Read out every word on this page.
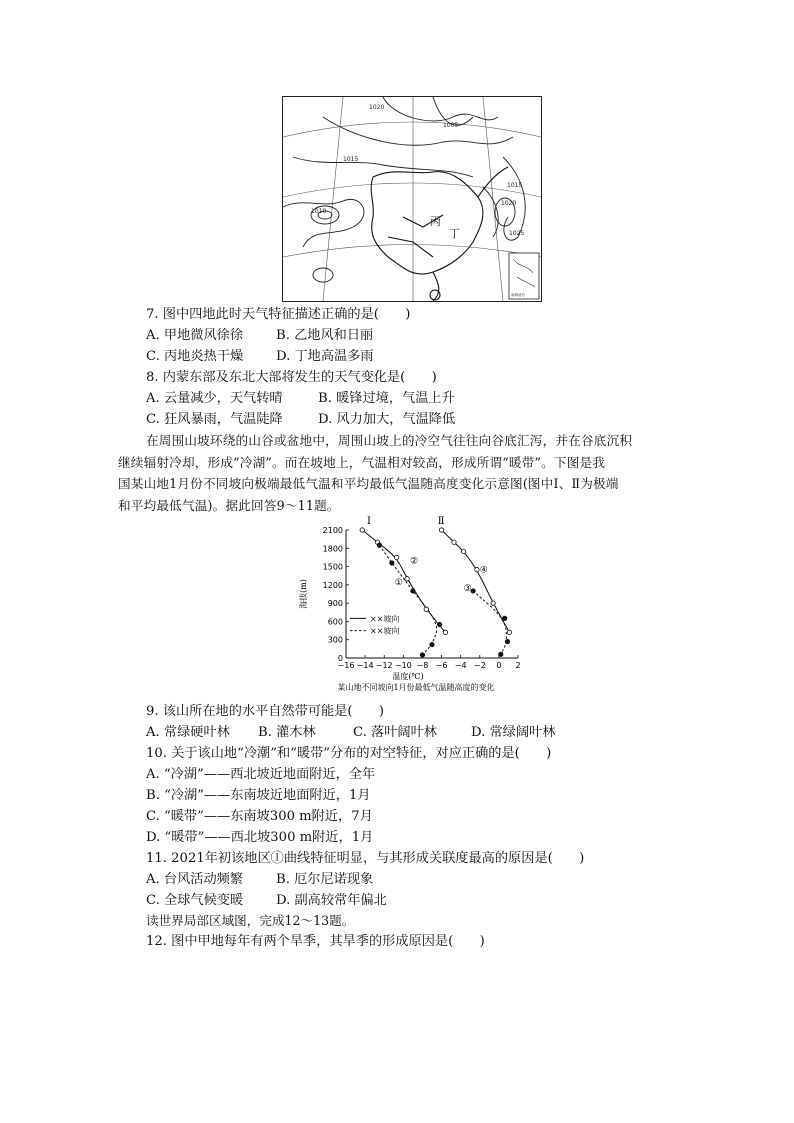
1020
1015
1010
1005
1015
1020
1025
丙
丁
南海诸岛
7. 图中四地此时天气特征描述正确的是(　　)
A. 甲地微风徐徐 B. 乙地风和日丽
C. 丙地炎热干燥 D. 丁地高温多雨
8. 内蒙东部及东北大部将发生的天气变化是(　　)
A. 云量减少，天气转晴	B. 暖锋过境，气温上升
C. 狂风暴雨，气温陡降	D. 风力加大，气温降低
在周围山坡环绕的山谷或盆地中，周围山坡上的冷空气往往向谷底汇泻，并在谷底沉积
继续辐射冷却，形成“冷湖”。而在坡地上，气温相对较高，形成所谓“暖带”。下图是我
国某山地1月份不同坡向极端最低气温和平均最低气温随高度变化示意图(图中Ⅰ、Ⅱ为极端
和平均最低气温)。据此回答9～11题。
−16 −14 −12 −10 −8 −6 −4 −2 0 2
0
300
600
900
1200
1500
1800
2100
海拔(m)
温度(℃)
某山地不同坡向1月份最低气温随高度的变化
Ⅰ	Ⅱ
①
②
③
④
××坡向
××坡向
9. 该山所在地的水平自然带可能是(　　)
A. 常绿硬叶林 B. 灌木林	C. 落叶阔叶林	D. 常绿阔叶林
10. 关于该山地“冷潮”和“暖带”分布的对空特征，对应正确的是(　　)
A. “冷湖”——西北坡近地面附近，全年
B. “冷湖”——东南坡近地面附近，1月
C. “暖带”——东南坡300 m附近，7月
D. “暖带”——西北坡300 m附近，1月
11. 2021年初该地区①曲线特征明显，与其形成关联度最高的原因是(　　)
A. 台风活动频繁 B. 厄尔尼诺现象
C. 全球气候变暖 D. 副高较常年偏北
读世界局部区域图，完成12～13题。
12. 图中甲地每年有两个旱季，其旱季的形成原因是(　　)
